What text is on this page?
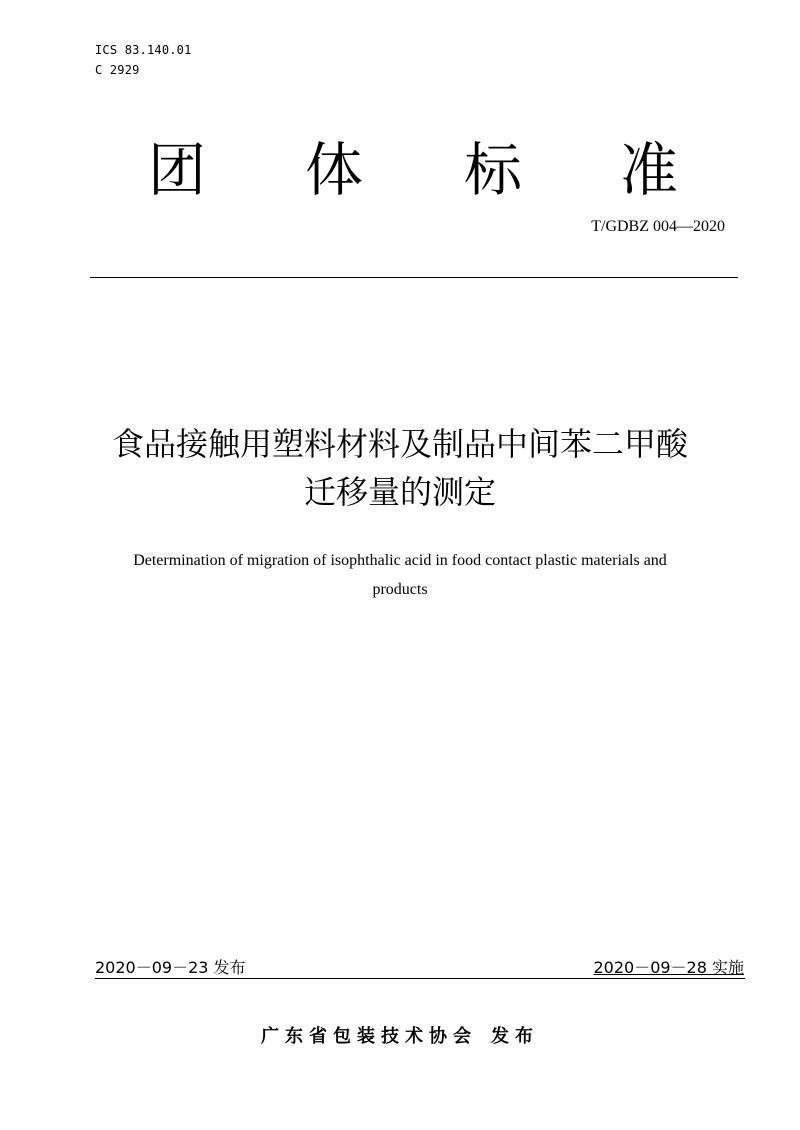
ICS 83.140.01
C 2929
团 体 标 准
T/GDBZ 004—2020
食品接触用塑料材料及制品中间苯二甲酸
迁移量的测定
Determination of migration of isophthalic acid in food contact plastic materials and
products
2020－09－23 发布	2020－09－28 实施
广东省包装技术协会 发布
